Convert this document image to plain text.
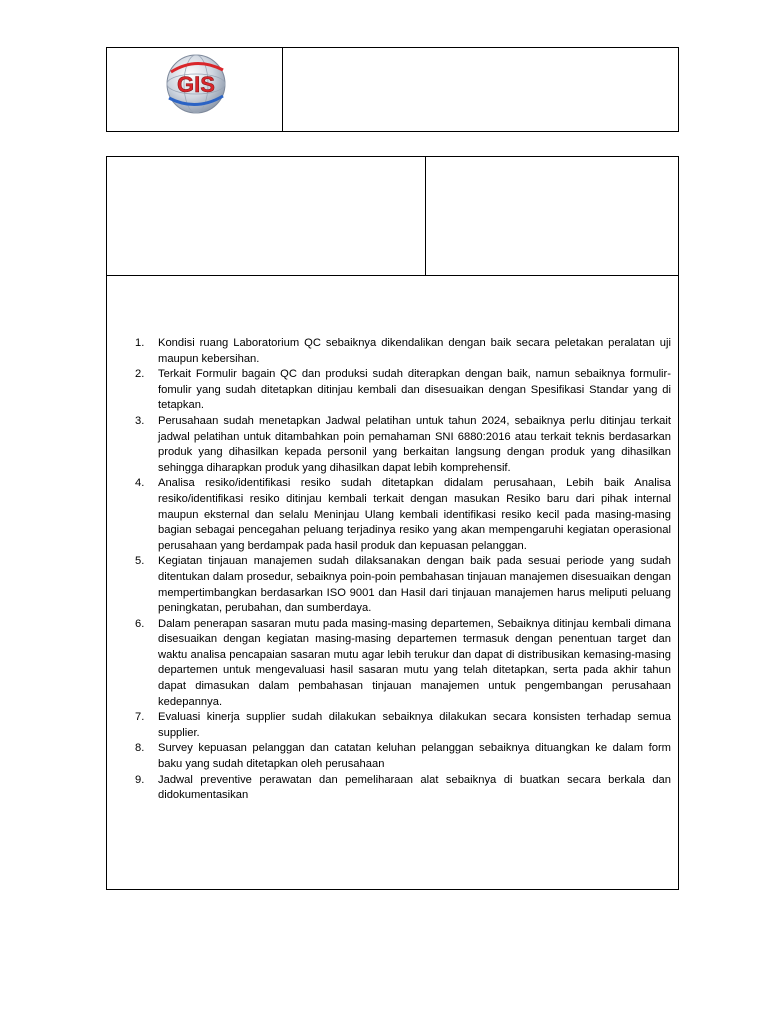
GIS
1. Kondisi ruang Laboratorium QC sebaiknya dikendalikan dengan baik secara peletakan peralatan uji maupun kebersihan.
2. Terkait Formulir bagain QC dan produksi sudah diterapkan dengan baik, namun sebaiknya formulir-fomulir yang sudah ditetapkan ditinjau kembali dan disesuaikan dengan Spesifikasi Standar yang di tetapkan.
3. Perusahaan sudah menetapkan Jadwal pelatihan untuk tahun 2024, sebaiknya perlu ditinjau terkait jadwal pelatihan untuk ditambahkan poin pemahaman SNI 6880:2016 atau terkait teknis berdasarkan produk yang dihasilkan kepada personil yang berkaitan langsung dengan produk yang dihasilkan sehingga diharapkan produk yang dihasilkan dapat lebih komprehensif.
4. Analisa resiko/identifikasi resiko sudah ditetapkan didalam perusahaan, Lebih baik Analisa resiko/identifikasi resiko ditinjau kembali terkait dengan masukan Resiko baru dari pihak internal maupun eksternal dan selalu Meninjau Ulang kembali identifikasi resiko kecil pada masing-masing bagian sebagai pencegahan peluang terjadinya resiko yang akan mempengaruhi kegiatan operasional perusahaan yang berdampak pada hasil produk dan kepuasan pelanggan.
5. Kegiatan tinjauan manajemen sudah dilaksanakan dengan baik pada sesuai periode yang sudah ditentukan dalam prosedur, sebaiknya poin-poin pembahasan tinjauan manajemen disesuaikan dengan mempertimbangkan berdasarkan ISO 9001 dan Hasil dari tinjauan manajemen harus meliputi peluang peningkatan, perubahan, dan sumberdaya.
6. Dalam penerapan sasaran mutu pada masing-masing departemen, Sebaiknya ditinjau kembali dimana disesuaikan dengan kegiatan masing-masing departemen termasuk dengan penentuan target dan waktu analisa pencapaian sasaran mutu agar lebih terukur dan dapat di distribusikan kemasing-masing departemen untuk mengevaluasi hasil sasaran mutu yang telah ditetapkan, serta pada akhir tahun dapat dimasukan dalam pembahasan tinjauan manajemen untuk pengembangan perusahaan kedepannya.
7. Evaluasi kinerja supplier sudah dilakukan sebaiknya dilakukan secara konsisten terhadap semua supplier.
8. Survey kepuasan pelanggan dan catatan keluhan pelanggan sebaiknya dituangkan ke dalam form baku yang sudah ditetapkan oleh perusahaan
9. Jadwal preventive perawatan dan pemeliharaan alat sebaiknya di buatkan secara berkala dan didokumentasikan
